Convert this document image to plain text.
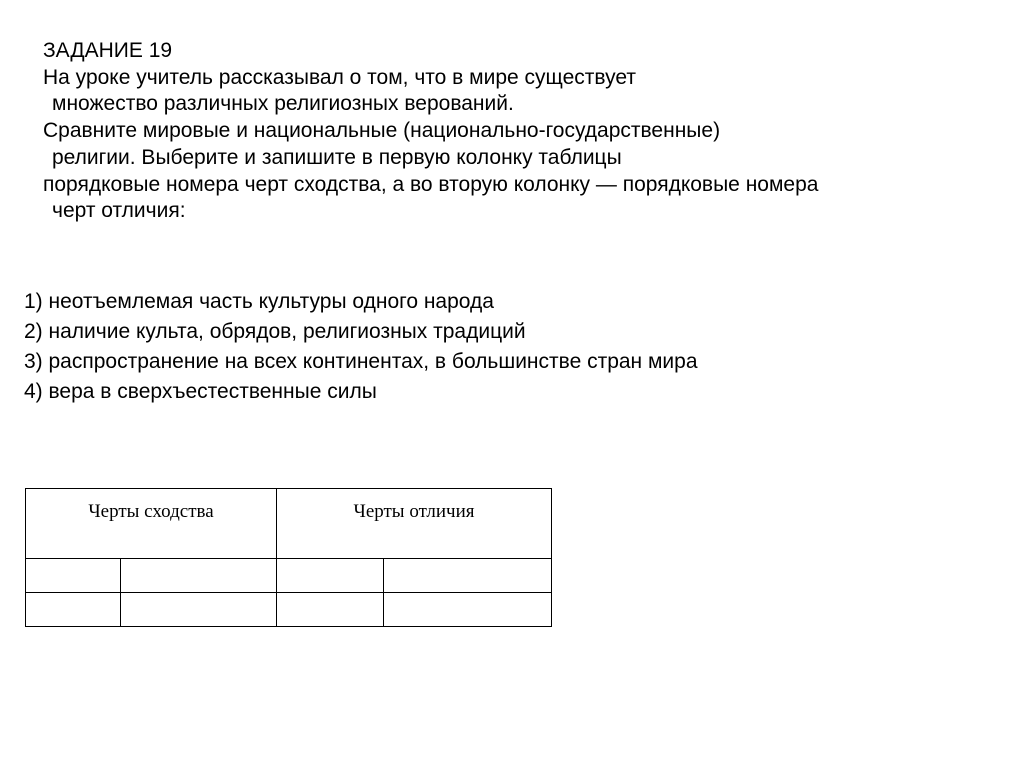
ЗАДАНИЕ 19
На уроке учитель рассказывал о том, что в мире существует
множество различных религиозных верований.
Сравните мировые и национальные (национально-государственные)
религии. Выберите и запишите в первую колонку таблицы
порядковые номера черт сходства, а во вторую колонку — порядковые номера
черт отличия:
1) неотъемлемая часть культуры одного народа
2) наличие культа, обрядов, религиозных традиций
3) распространение на всех континентах, в большинстве стран мира
4) вера в сверхъестественные силы
Черты сходства		Черты отличия	
